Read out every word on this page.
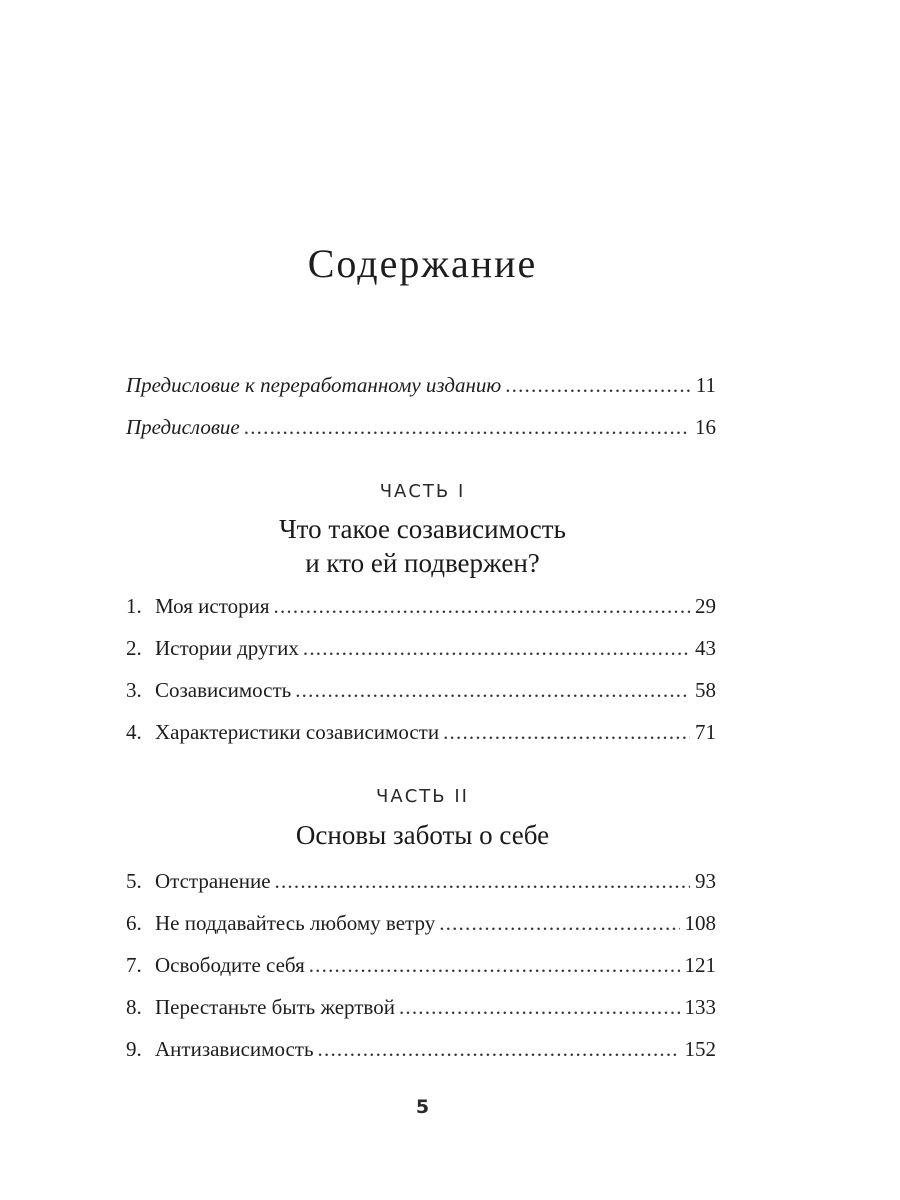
Содержание
Предисловие к переработанному изданию .....	11
Предисловие .....	16
ЧАСТЬ I
Что такое созависимость
и кто ей подвержен?
1. Моя история .....	29
2. Истории других .....	43
3. Созависимость .....	58
4. Характеристики созависимости .....	71
ЧАСТЬ II
Основы заботы о себе
5. Отстранение .....	93
6. Не поддавайтесь любому ветру .....	108
7. Освободите себя .....	121
8. Перестаньте быть жертвой .....	133
9. Антизависимость .....	152
5
